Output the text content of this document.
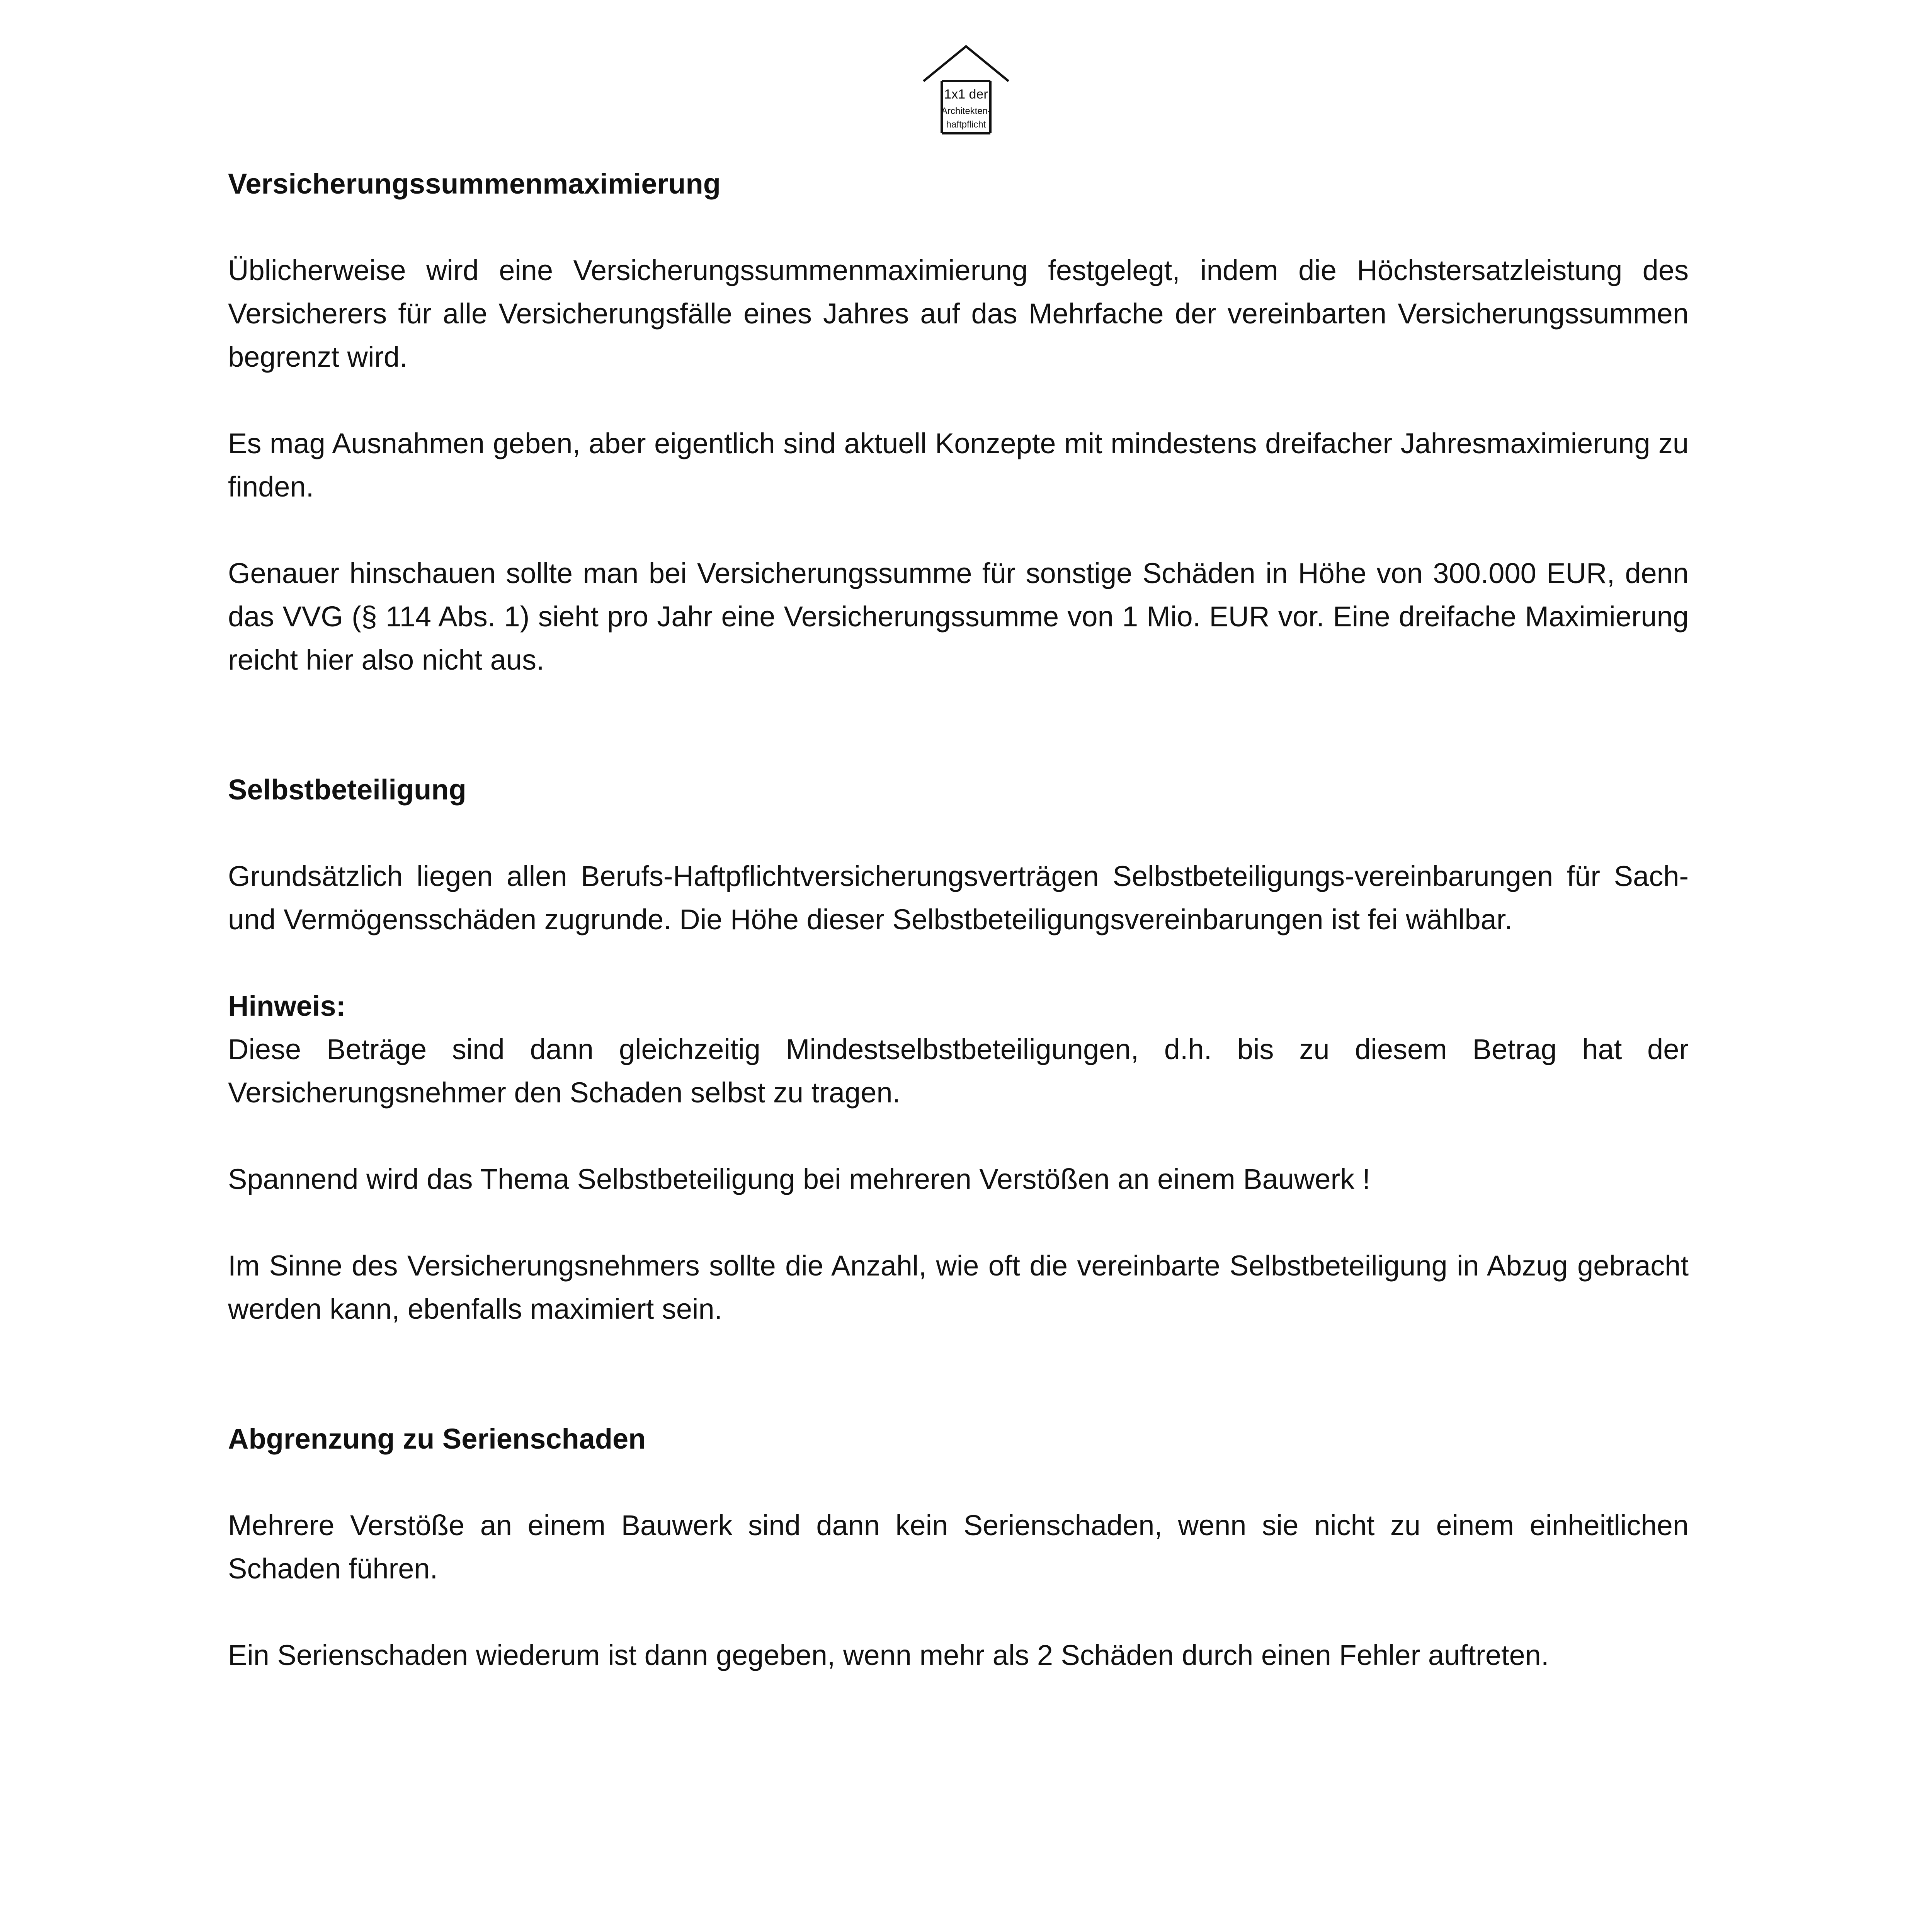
1x1 der
Architekten-
haftpflicht

Versicherungssummenmaximierung

Üblicherweise wird eine Versicherungssummenmaximierung festgelegt, indem die Höchstersatzleistung des Versicherers für alle Versicherungsfälle eines Jahres auf das Mehrfache der vereinbarten Versicherungssummen begrenzt wird.

Es mag Ausnahmen geben, aber eigentlich sind aktuell Konzepte mit mindestens dreifacher Jahresmaximierung zu finden.

Genauer hinschauen sollte man bei Versicherungssumme für sonstige Schäden in Höhe von 300.000 EUR, denn das VVG (§ 114 Abs. 1) sieht pro Jahr eine Versicherungssumme von 1 Mio. EUR vor. Eine dreifache Maximierung reicht hier also nicht aus.

Selbstbeteiligung

Grundsätzlich liegen allen Berufs-Haftpflichtversicherungsverträgen Selbstbeteiligungs-vereinbarungen für Sach- und Vermögensschäden zugrunde. Die Höhe dieser Selbstbeteiligungsvereinbarungen ist fei wählbar.

Hinweis:

Diese Beträge sind dann gleichzeitig Mindestselbstbeteiligungen, d.h. bis zu diesem Betrag hat der Versicherungsnehmer den Schaden selbst zu tragen.

Spannend wird das Thema Selbstbeteiligung bei mehreren Verstößen an einem Bauwerk !

Im Sinne des Versicherungsnehmers sollte die Anzahl, wie oft die vereinbarte Selbstbeteiligung in Abzug gebracht werden kann, ebenfalls maximiert sein.

Abgrenzung zu Serienschaden

Mehrere Verstöße an einem Bauwerk sind dann kein Serienschaden, wenn sie nicht zu einem einheitlichen Schaden führen.

Ein Serienschaden wiederum ist dann gegeben, wenn mehr als 2 Schäden durch einen Fehler auftreten.
